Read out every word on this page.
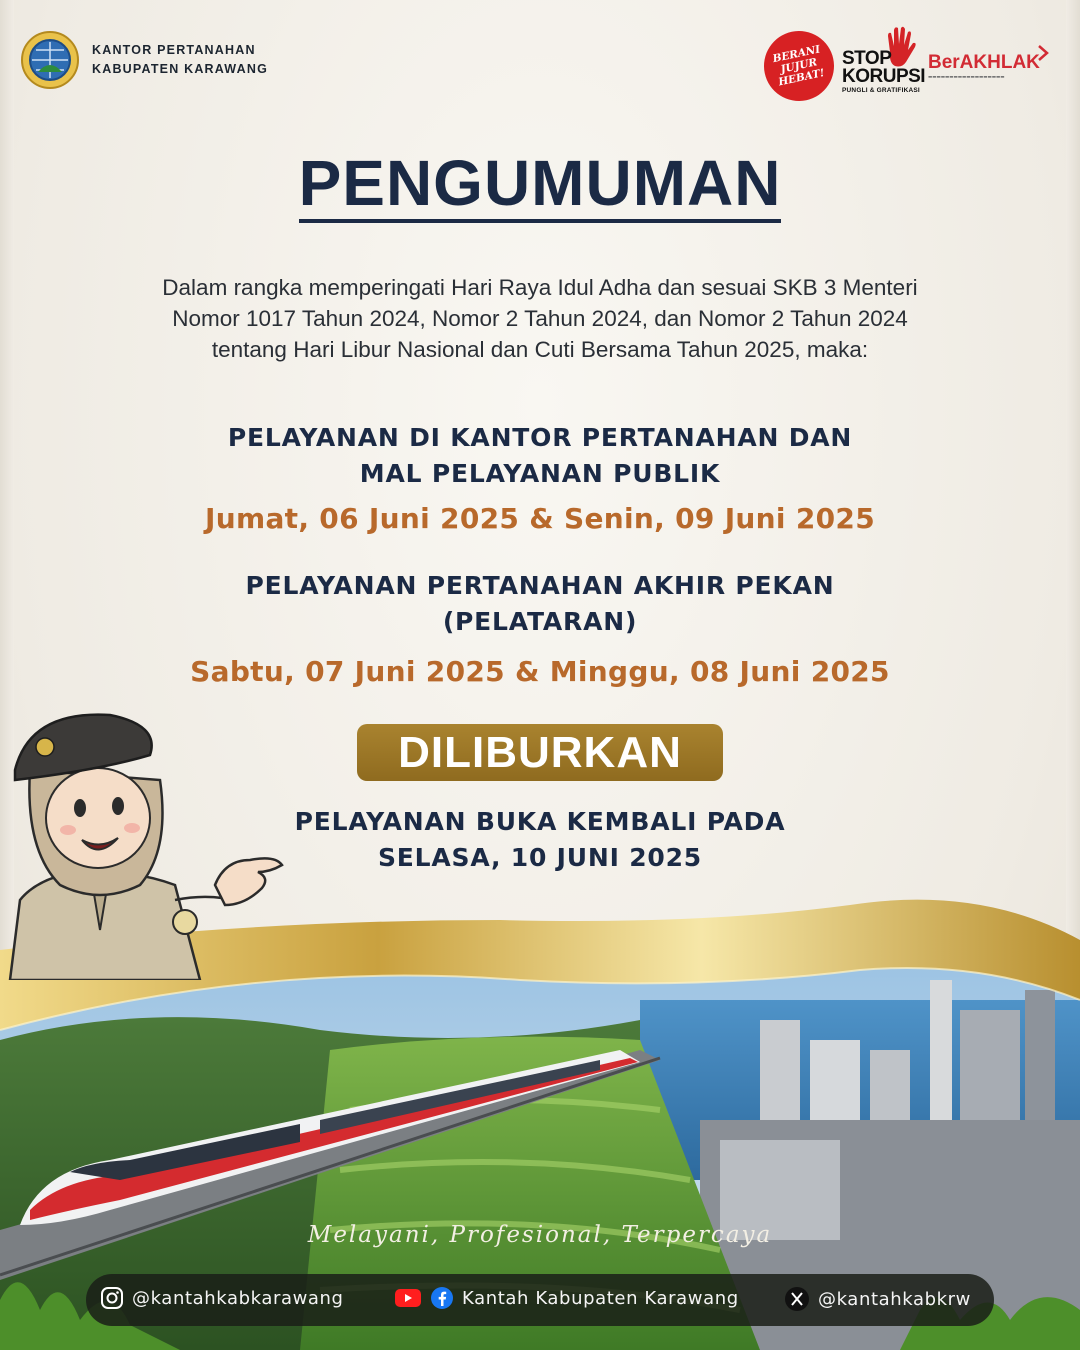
KANTOR PERTANAHAN
KABUPATEN KARAWANG
BERANI
JUJUR
HEBAT!
STOP
KORUPSI
PUNGLI & GRATIFIKASI
BerAKHLAK
▬▬▬▬▬▬▬▬▬▬▬▬▬▬▬▬▬▬
PENGUMUMAN
Dalam rangka memperingati Hari Raya Idul Adha dan sesuai SKB 3 Menteri Nomor 1017 Tahun 2024, Nomor 2 Tahun 2024, dan Nomor 2 Tahun 2024 tentang Hari Libur Nasional dan Cuti Bersama Tahun 2025, maka:
PELAYANAN DI KANTOR PERTANAHAN DAN
MAL PELAYANAN PUBLIK
Jumat, 06 Juni 2025 & Senin, 09 Juni 2025
PELAYANAN PERTANAHAN AKHIR PEKAN
(PELATARAN)
Sabtu, 07 Juni 2025 & Minggu, 08 Juni 2025
DILIBURKAN
PELAYANAN BUKA KEMBALI PADA
SELASA, 10 JUNI 2025
Melayani, Profesional, Terpercaya
@kantahkabkarawang	Kantah Kabupaten Karawang	@kantahkabkrw
